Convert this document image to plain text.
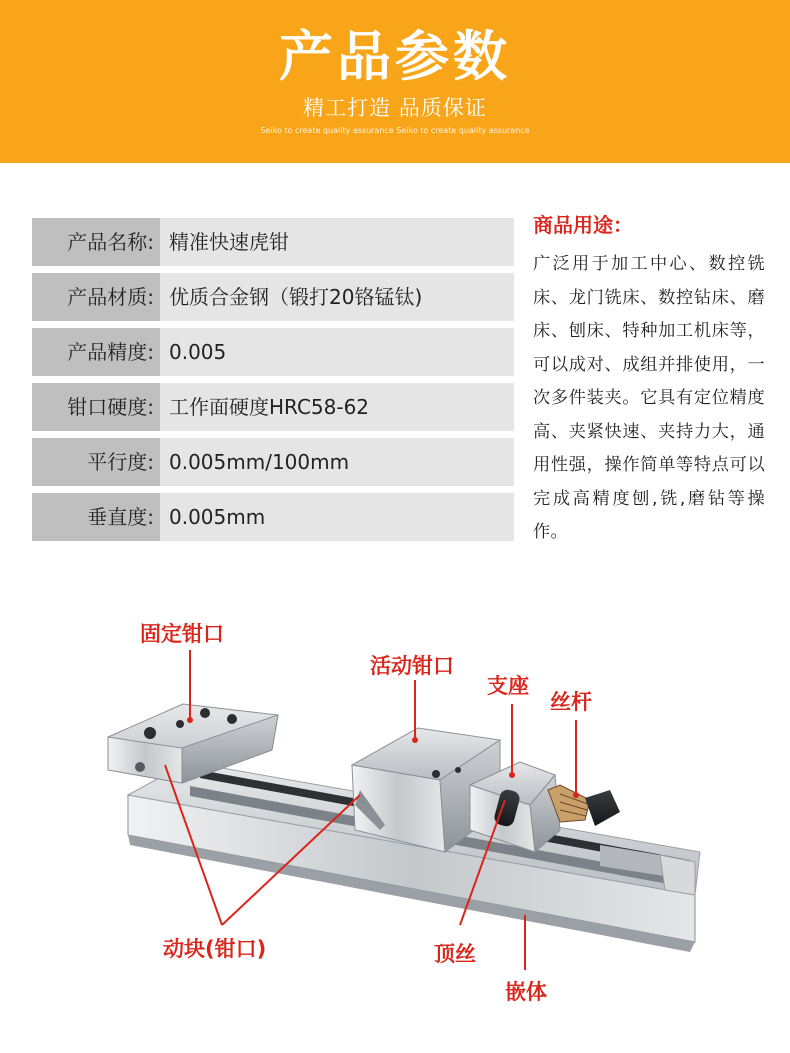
产品参数
精工打造 品质保证
Seiko to create quality assurance Seiko to create quality assurance
产品名称: 精准快速虎钳
产品材质: 优质合金钢（锻打20铬锰钛)
产品精度: 0.005
钳口硬度: 工作面硬度HRC58-62
平行度: 0.005mm/100mm
垂直度: 0.005mm
商品用途：
广泛用于加工中心、数控铣床、龙门铣床、数控钻床、磨床、刨床、特种加工机床等，可以成对、成组并排使用，一次多件装夹。它具有定位精度高、夹紧快速、夹持力大，通用性强，操作简单等特点可以完成高精度刨,铣,磨钻等操作。
固定钳口
活动钳口
支座
丝杆
动块(钳口)	顶丝
嵌体
